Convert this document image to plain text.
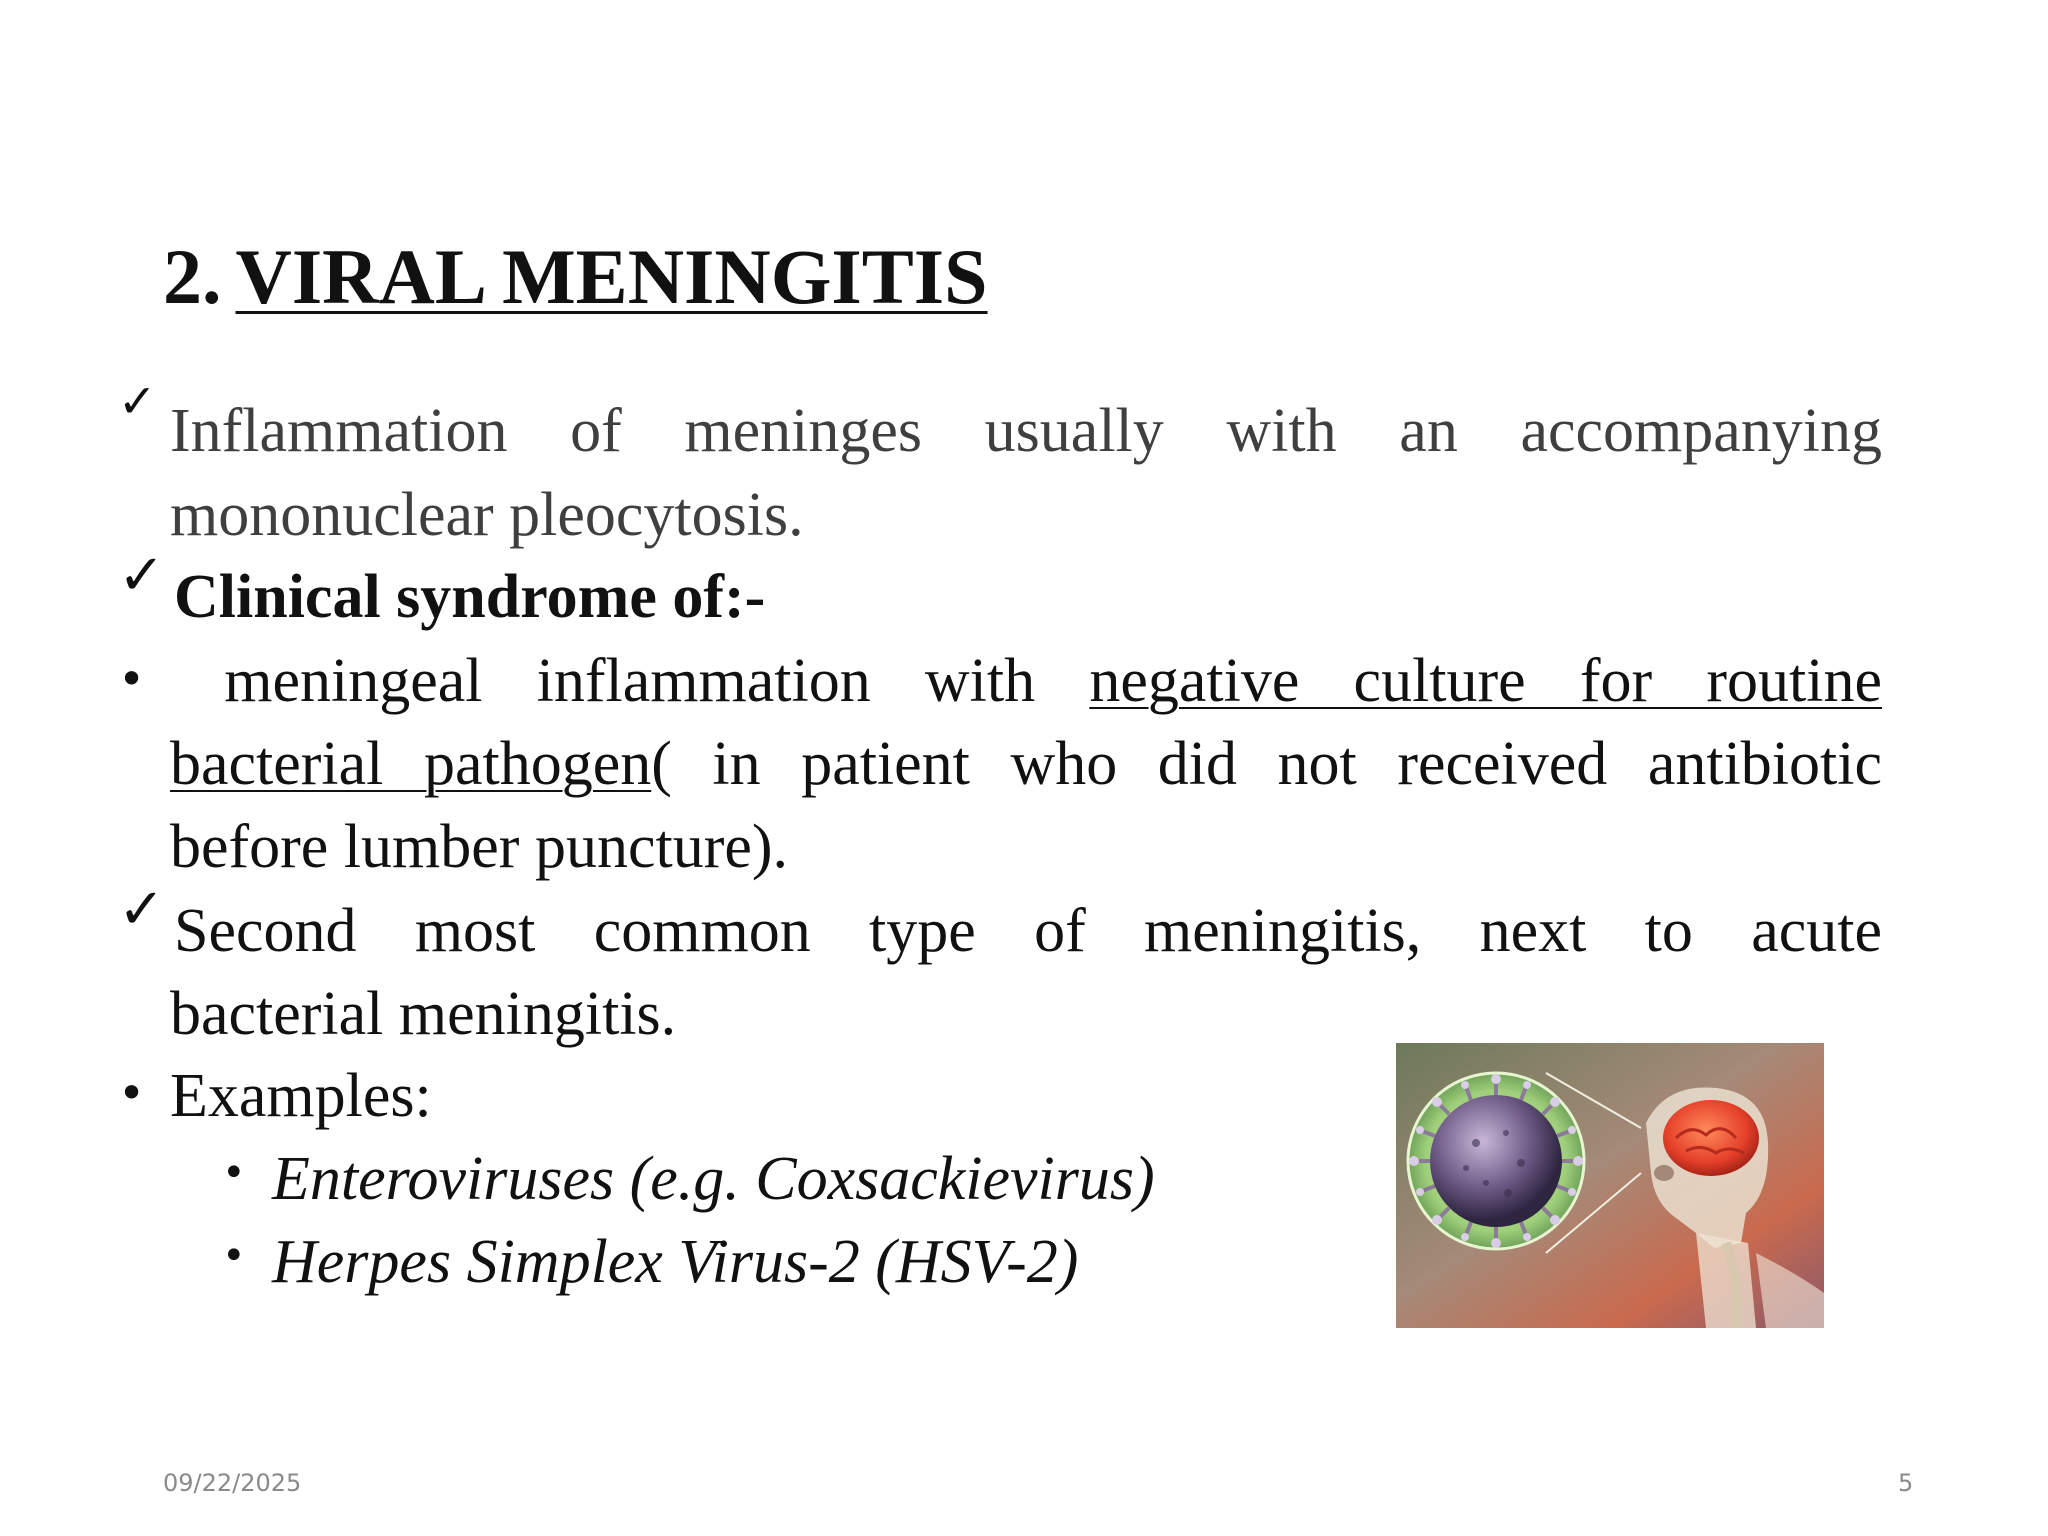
2. VIRAL MENINGITIS
✓ Inflammation of meninges usually with an accompanying
mononuclear pleocytosis.
✓ Clinical syndrome of:-
•	meningeal inflammation with negative culture for routine
bacterial pathogen( in patient who did not received antibiotic
before lumber puncture).
✓ Second most common type of meningitis, next to acute
bacterial meningitis.
• Examples:
• Enteroviruses (e.g. Coxsackievirus)
• Herpes Simplex Virus-2 (HSV-2)
09/22/2025	5
